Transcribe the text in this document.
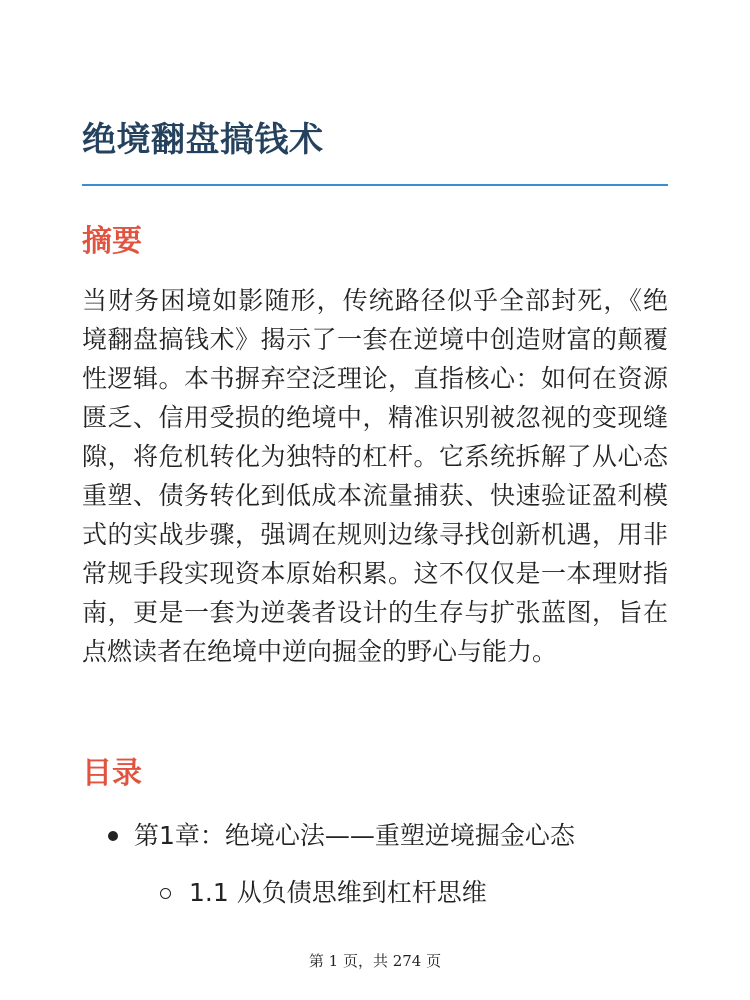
绝境翻盘搞钱术
摘要

当财务困境如影随形，传统路径似乎全部封死，《绝境翻盘搞钱术》揭示了一套在逆境中创造财富的颠覆性逻辑。本书摒弃空泛理论，直指核心：如何在资源匮乏、信用受损的绝境中，精准识别被忽视的变现缝隙，将危机转化为独特的杠杆。它系统拆解了从心态重塑、债务转化到低成本流量捕获、快速验证盈利模式的实战步骤，强调在规则边缘寻找创新机遇，用非常规手段实现资本原始积累。这不仅仅是一本理财指南，更是一套为逆袭者设计的生存与扩张蓝图，旨在点燃读者在绝境中逆向掘金的野心与能力。

目录
第1章：绝境心法——重塑逆境掘金心态
1.1 从负债思维到杠杆思维
第 1 页，共 274 页
